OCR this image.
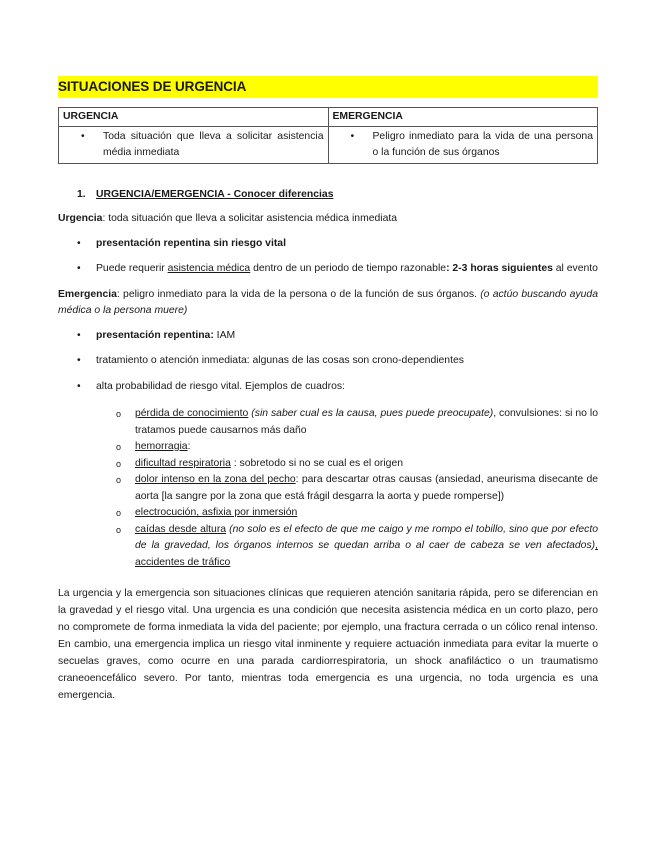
SITUACIONES DE URGENCIA
URGENCIA	EMERGENCIA

• Toda situación que lleva a solicitar asistencia média inmediata	• Peligro inmediato para la vida de una persona o la función de sus órganos
1. URGENCIA/EMERGENCIA - Conocer diferencias
Urgencia: toda situación que lleva a solicitar asistencia médica inmediata
•	presentación repentina sin riesgo vital
•	Puede requerir asistencia médica dentro de un periodo de tiempo razonable: 2-3 horas siguientes al evento
Emergencia: peligro inmediato para la vida de la persona o de la función de sus órganos. (o actúo buscando ayuda médica o la persona muere)
•	presentación repentina: IAM
•	tratamiento o atención inmediata: algunas de las cosas son crono-dependientes
•	alta probabilidad de riesgo vital. Ejemplos de cuadros:
o	pérdida de conocimiento (sin saber cual es la causa, pues puede preocupate), convulsiones: si no lo tratamos puede causarnos más daño
o	hemorragia:
o	dificultad respiratoria : sobretodo si no se cual es el origen
o	dolor intenso en la zona del pecho: para descartar otras causas (ansiedad, aneurisma disecante de aorta [la sangre por la zona que está frágil desgarra la aorta y puede romperse])
o	electrocución, asfixia por inmersión
o	caídas desde altura (no solo es el efecto de que me caigo y me rompo el tobillo, sino que por efecto de la gravedad, los órganos internos se quedan arriba o al caer de cabeza se ven afectados), accidentes de tráfico
La urgencia y la emergencia son situaciones clínicas que requieren atención sanitaria rápida, pero se diferencian en la gravedad y el riesgo vital. Una urgencia es una condición que necesita asistencia médica en un corto plazo, pero no compromete de forma inmediata la vida del paciente; por ejemplo, una fractura cerrada o un cólico renal intenso. En cambio, una emergencia implica un riesgo vital inminente y requiere actuación inmediata para evitar la muerte o secuelas graves, como ocurre en una parada cardiorrespiratoria, un shock anafiláctico o un traumatismo craneoencefálico severo. Por tanto, mientras toda emergencia es una urgencia, no toda urgencia es una emergencia.
